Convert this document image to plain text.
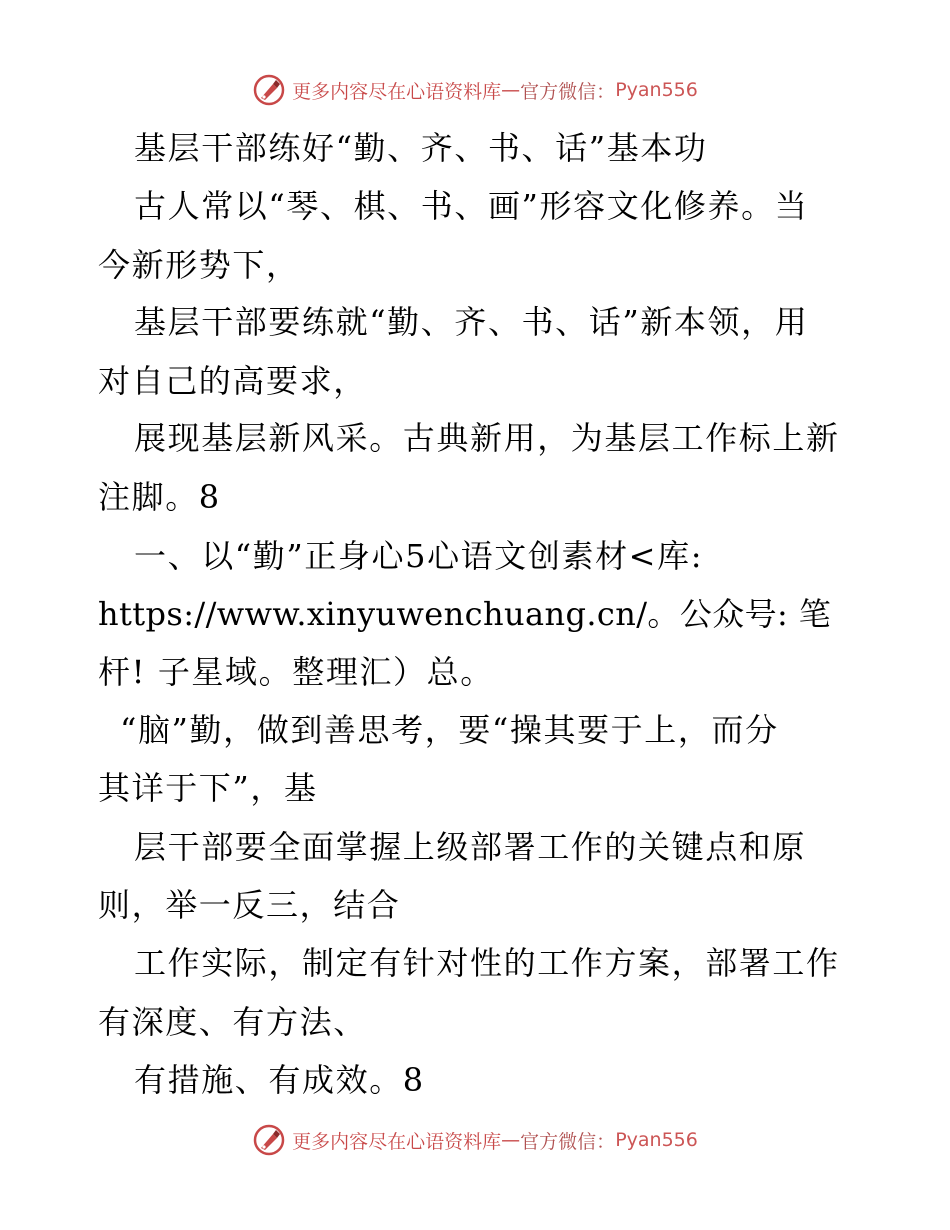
更多内容尽在心语资料库 — 官方微信： Pyan556
基层干部练好“勤、齐、书、话”基本功
古人常以“琴、棋、书、画”形容文化修养。当
今新形势下，
基层干部要练就“勤、齐、书、话”新本领，用
对自己的高要求，
展现基层新风采。古典新用，为基层工作标上新
注脚。8
一、以“勤”正身心5心语文创素材<库:
https://www.xinyuwenchuang.cn/。公众号: 笔
杆! 子星域。整理汇）总。
“脑”勤，做到善思考，要“操其要于上，而分
其详于下”，基
层干部要全面掌握上级部署工作的关键点和原
则，举一反三，结合
工作实际，制定有针对性的工作方案，部署工作
有深度、有方法、
有措施、有成效。8
更多内容尽在心语资料库 — 官方微信： Pyan556
